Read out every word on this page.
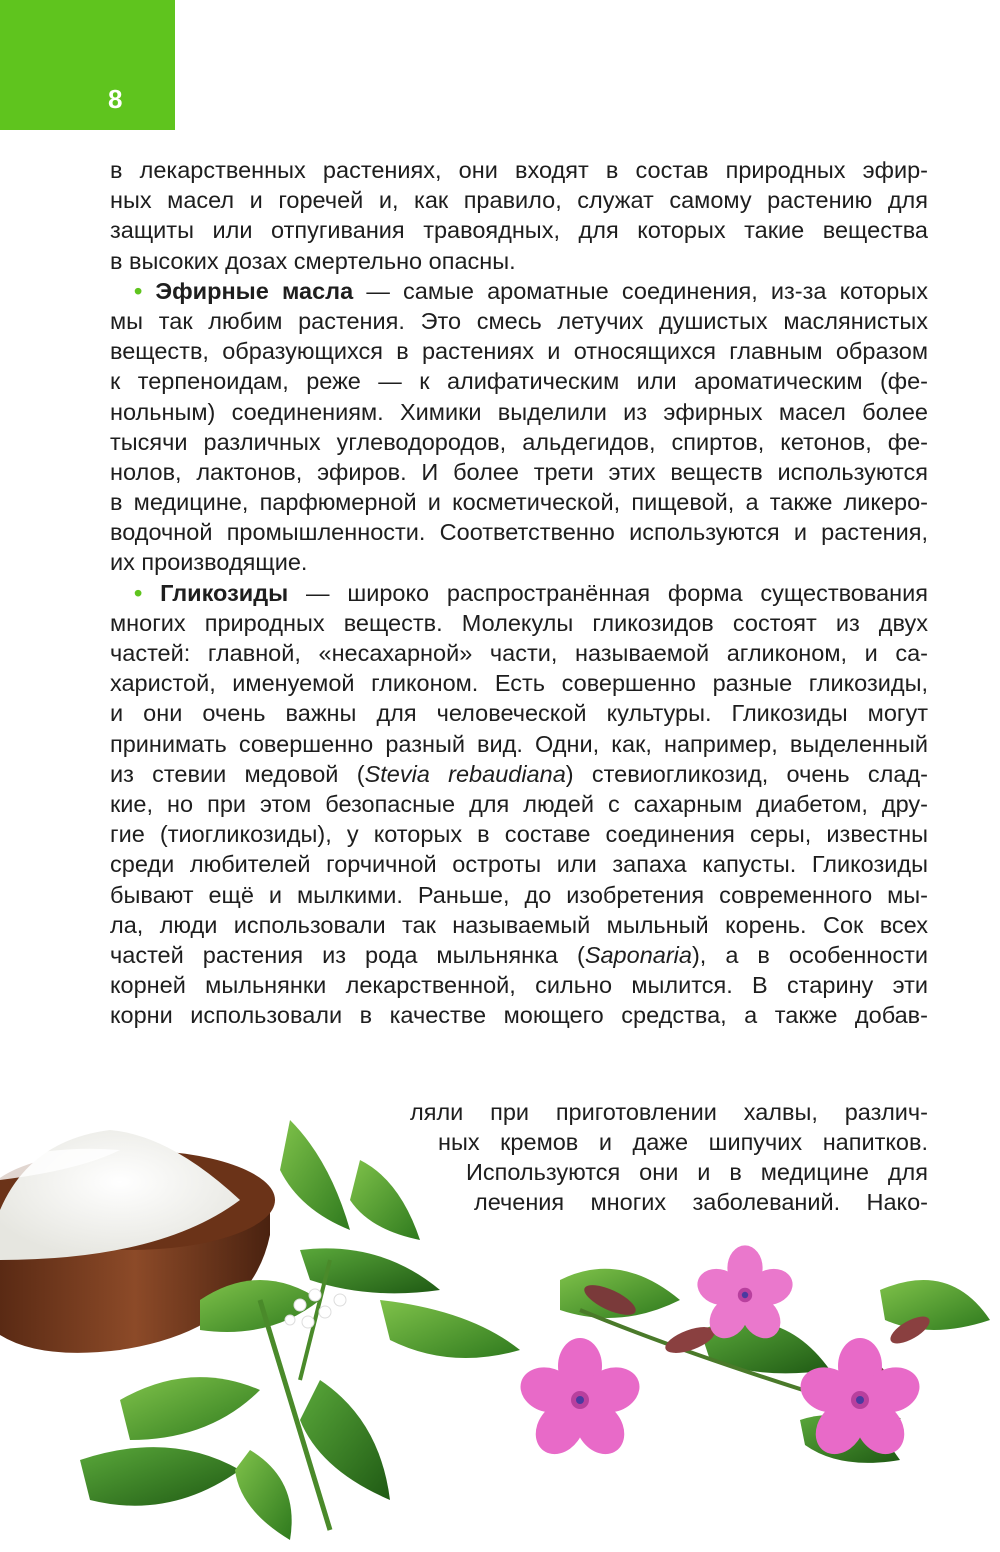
8
в лекарственных растениях, они входят в состав природных эфир-
ных масел и горечей и, как правило, служат самому растению для
защиты или отпугивания травоядных, для которых такие вещества
в высоких дозах смертельно опасны.
• Эфирные масла — самые ароматные соединения, из-за которых
мы так любим растения. Это смесь летучих душистых маслянистых
веществ, образующихся в растениях и относящихся главным образом
к терпеноидам, реже — к алифатическим или ароматическим (фе-
нольным) соединениям. Химики выделили из эфирных масел более
тысячи различных углеводородов, альдегидов, спиртов, кетонов, фе-
нолов, лактонов, эфиров. И более трети этих веществ используются
в медицине, парфюмерной и косметической, пищевой, а также ликеро-
водочной промышленности. Соответственно используются и растения,
их производящие.
• Гликозиды — широко распространённая форма существования
многих природных веществ. Молекулы гликозидов состоят из двух
частей: главной, «несахарной» части, называемой агликоном, и са-
харистой, именуемой гликоном. Есть совершенно разные гликозиды,
и они очень важны для человеческой культуры. Гликозиды могут
принимать совершенно разный вид. Одни, как, например, выделенный
из стевии медовой (Stevia rebaudiana) стевиогликозид, очень слад-
кие, но при этом безопасные для людей с сахарным диабетом, дру-
гие (тиогликозиды), у которых в составе соединения серы, известны
среди любителей горчичной остроты или запаха капусты. Гликозиды
бывают ещё и мылкими. Раньше, до изобретения современного мы-
ла, люди использовали так называемый мыльный корень. Сок всех
частей растения из рода мыльнянка (Saponaria), а в особенности
корней мыльнянки лекарственной, сильно мылится. В старину эти
корни использовали в качестве моющего средства, а также добав-
ляли при приготовлении халвы, различ-
ных кремов и даже шипучих напитков.
Используются они и в медицине для
лечения многих заболеваний. Нако-
